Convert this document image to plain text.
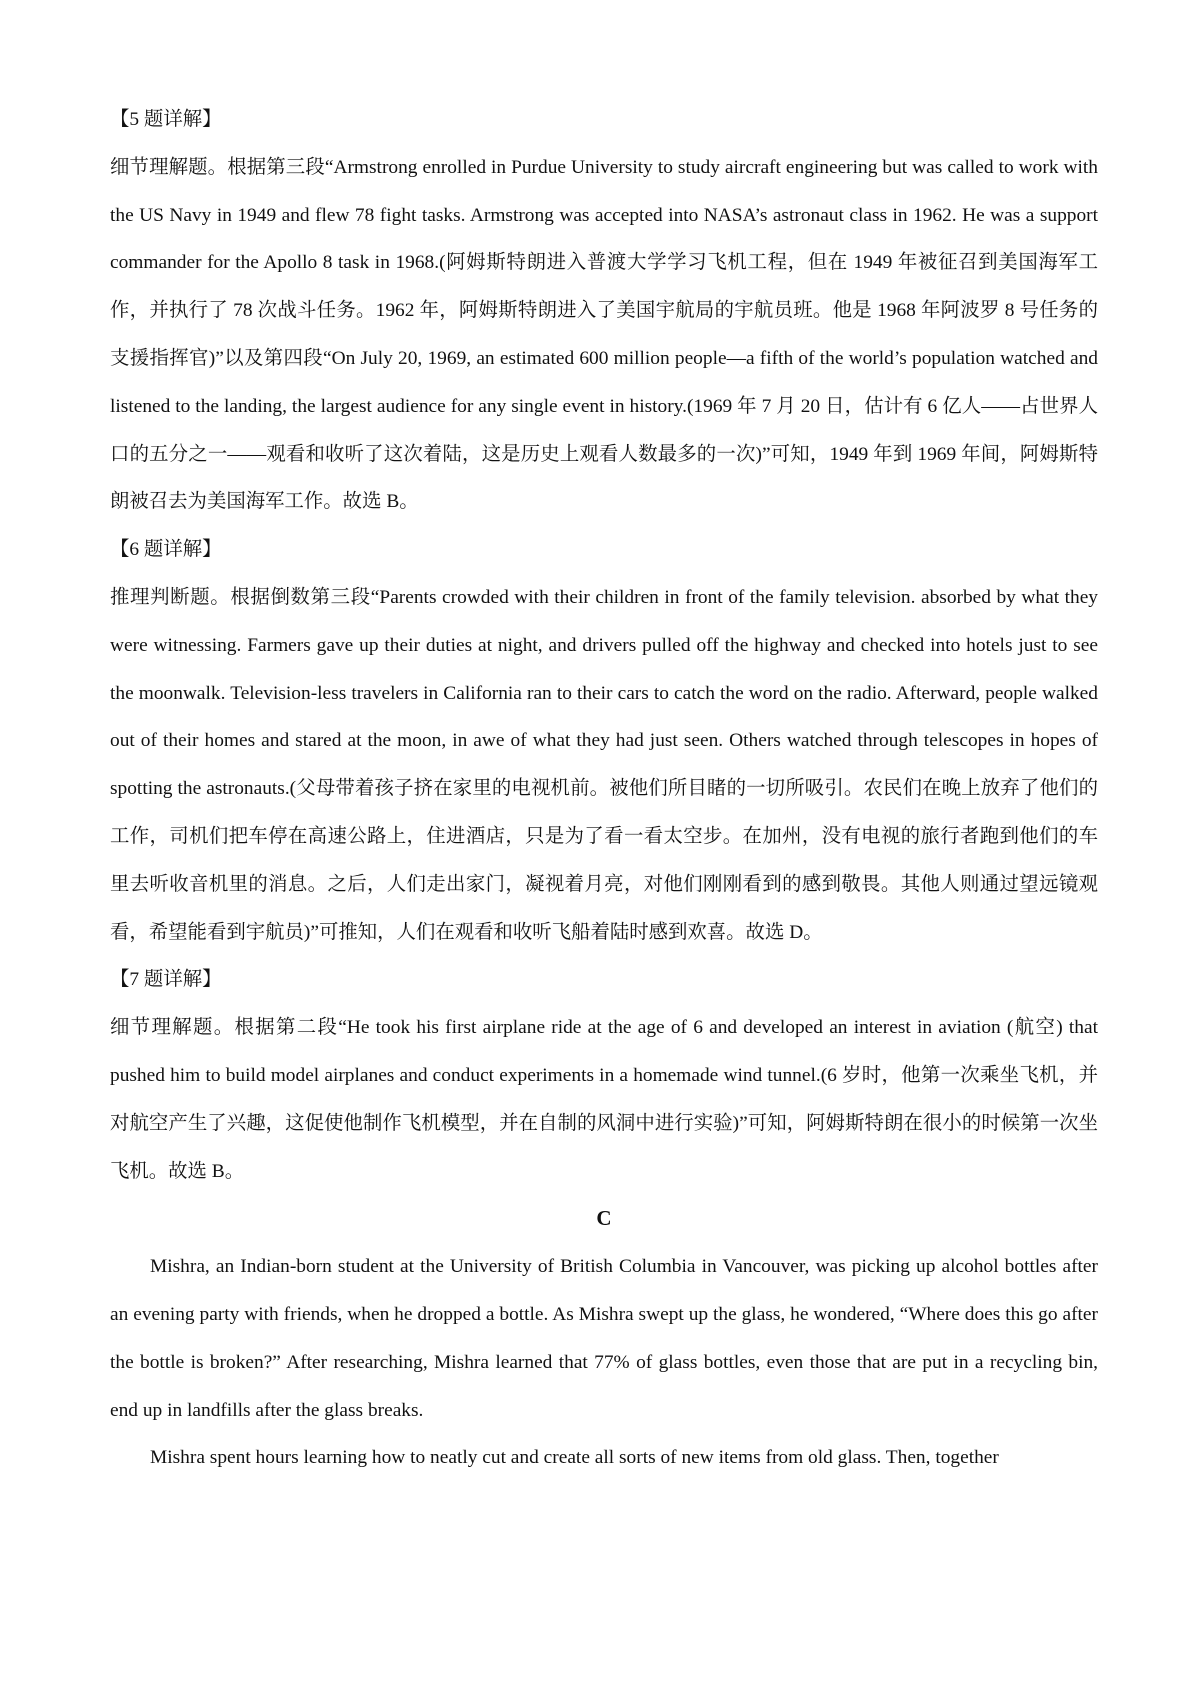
【5 题详解】

细节理解题。根据第三段“Armstrong enrolled in Purdue University to study aircraft engineering but was called to work with the US Navy in 1949 and flew 78 fight tasks. Armstrong was accepted into NASA’s astronaut class in 1962. He was a support commander for the Apollo 8 task in 1968.(阿姆斯特朗进入普渡大学学习飞机工程，但在 1949 年被征召到美国海军工作，并执行了 78 次战斗任务。1962 年，阿姆斯特朗进入了美国宇航局的宇航员班。他是 1968 年阿波罗 8 号任务的支援指挥官)”以及第四段“On July 20, 1969, an estimated 600 million people—a fifth of the world’s population watched and listened to the landing, the largest audience for any single event in history.(1969 年 7 月 20 日，估计有 6 亿人——占世界人口的五分之一——观看和收听了这次着陆，这是历史上观看人数最多的一次)”可知，1949 年到 1969 年间，阿姆斯特朗被召去为美国海军工作。故选 B。

【6 题详解】

推理判断题。根据倒数第三段“Parents crowded with their children in front of the family television. absorbed by what they were witnessing. Farmers gave up their duties at night, and drivers pulled off the highway and checked into hotels just to see the moonwalk. Television-less travelers in California ran to their cars to catch the word on the radio. Afterward, people walked out of their homes and stared at the moon, in awe of what they had just seen. Others watched through telescopes in hopes of spotting the astronauts.(父母带着孩子挤在家里的电视机前。被他们所目睹的一切所吸引。农民们在晚上放弃了他们的工作，司机们把车停在高速公路上，住进酒店，只是为了看一看太空步。在加州，没有电视的旅行者跑到他们的车里去听收音机里的消息。之后，人们走出家门，凝视着月亮，对他们刚刚看到的感到敬畏。其他人则通过望远镜观看，希望能看到宇航员)”可推知，人们在观看和收听飞船着陆时感到欢喜。故选 D。

【7 题详解】

细节理解题。根据第二段“He took his first airplane ride at the age of 6 and developed an interest in aviation (航空) that pushed him to build model airplanes and conduct experiments in a homemade wind tunnel.(6 岁时，他第一次乘坐飞机，并对航空产生了兴趣，这促使他制作飞机模型，并在自制的风洞中进行实验)”可知，阿姆斯特朗在很小的时候第一次坐飞机。故选 B。

C

Mishra, an Indian-born student at the University of British Columbia in Vancouver, was picking up alcohol bottles after an evening party with friends, when he dropped a bottle. As Mishra swept up the glass, he wondered, “Where does this go after the bottle is broken?” After researching, Mishra learned that 77% of glass bottles, even those that are put in a recycling bin, end up in landfills after the glass breaks.

Mishra spent hours learning how to neatly cut and create all sorts of new items from old glass. Then, together
